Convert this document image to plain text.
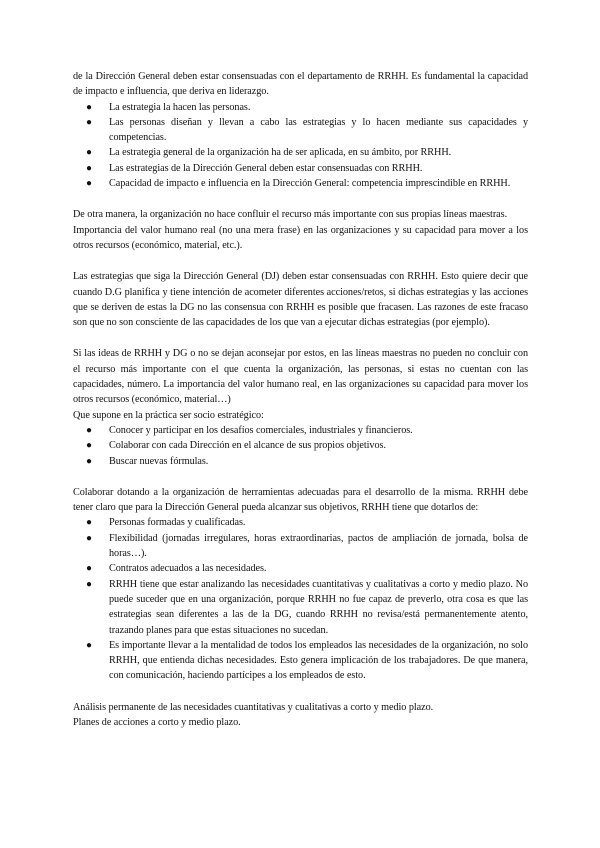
de la Dirección General deben estar consensuadas con el departamento de RRHH. Es fundamental la capacidad de impacto e influencia, que deriva en liderazgo.

● La estrategia la hacen las personas.
● Las personas diseñan y llevan a cabo las estrategias y lo hacen mediante sus capacidades y competencias.
● La estrategia general de la organización ha de ser aplicada, en su ámbito, por RRHH.
● Las estrategias de la Dirección General deben estar consensuadas con RRHH.
● Capacidad de impacto e influencia en la Dirección General: competencia imprescindible en RRHH.

De otra manera, la organización no hace confluir el recurso más importante con sus propias líneas maestras.

Importancia del valor humano real (no una mera frase) en las organizaciones y su capacidad para mover a los otros recursos (económico, material, etc.).

Las estrategias que siga la Dirección General (DJ) deben estar consensuadas con RRHH. Esto quiere decir que cuando D.G planifica y tiene intención de acometer diferentes acciones/retos, si dichas estrategias y las acciones que se deriven de estas la DG no las consensua con RRHH es posible que fracasen. Las razones de este fracaso son que no son consciente de las capacidades de los que van a ejecutar dichas estrategias (por ejemplo).

Si las ideas de RRHH y DG o no se dejan aconsejar por estos, en las líneas maestras no pueden no concluir con el recurso más importante con el que cuenta la organización, las personas, si estas no cuentan con las capacidades, número. La importancia del valor humano real, en las organizaciones su capacidad para mover los otros recursos (económico, material…)

Que supone en la práctica ser socio estratégico:

● Conocer y participar en los desafíos comerciales, industriales y financieros.
● Colaborar con cada Dirección en el alcance de sus propios objetivos.
● Buscar nuevas fórmulas.

Colaborar dotando a la organización de herramientas adecuadas para el desarrollo de la misma. RRHH debe tener claro que para la Dirección General pueda alcanzar sus objetivos, RRHH tiene que dotarlos de:

● Personas formadas y cualificadas.
● Flexibilidad (jornadas irregulares, horas extraordinarias, pactos de ampliación de jornada, bolsa de horas…).
● Contratos adecuados a las necesidades.
● RRHH tiene que estar analizando las necesidades cuantitativas y cualitativas a corto y medio plazo. No puede suceder que en una organización, porque RRHH no fue capaz de preverlo, otra cosa es que las estrategias sean diferentes a las de la DG, cuando RRHH no revisa/está permanentemente atento, trazando planes para que estas situaciones no sucedan.
● Es importante llevar a la mentalidad de todos los empleados las necesidades de la organización, no solo RRHH, que entienda dichas necesidades. Esto genera implicación de los trabajadores. De que manera, con comunicación, haciendo partícipes a los empleados de esto.

Análisis permanente de las necesidades cuantitativas y cualitativas a corto y medio plazo.

Planes de acciones a corto y medio plazo.
